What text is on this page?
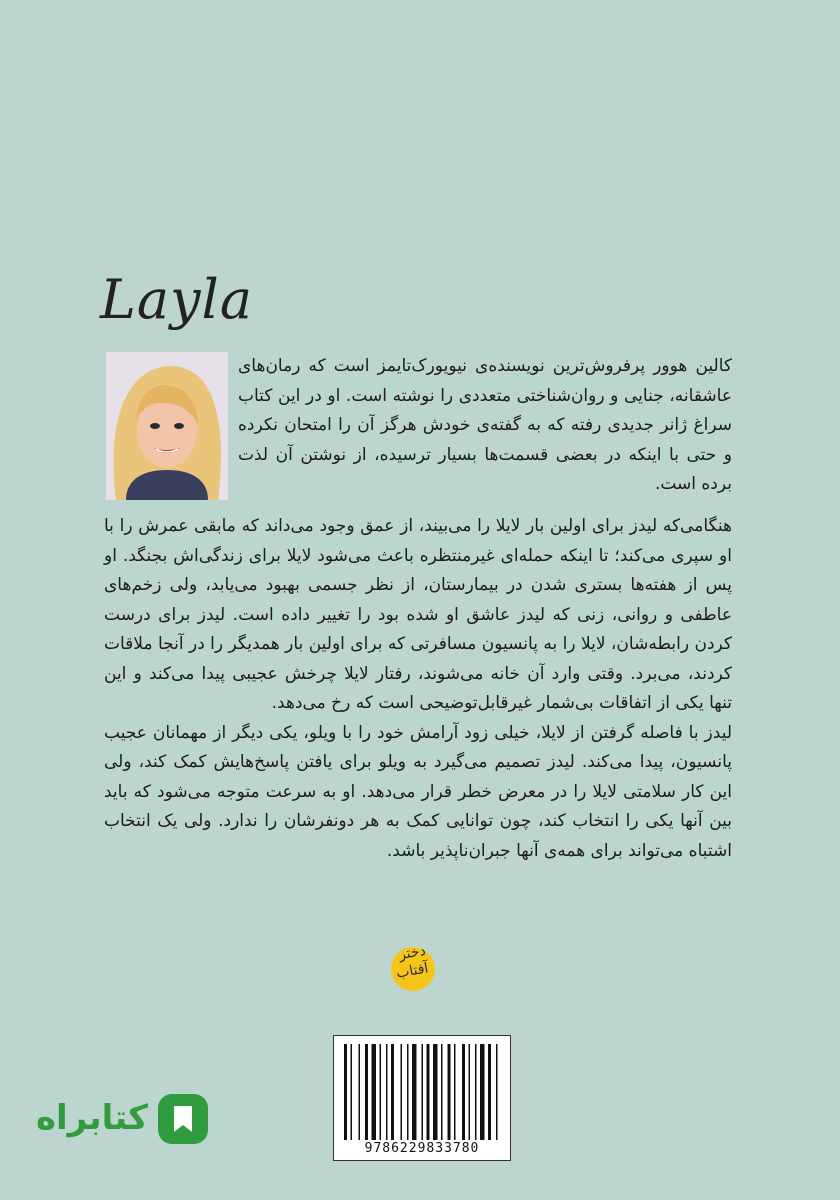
Layla
کالین هوور پرفروش‌ترین نویسنده‌ی نیویورک‌تایمز است که رمان‌های عاشقانه، جنایی و روان‌شناختی متعددی را نوشته است. او در این کتاب سراغ ژانر جدیدی رفته که به گفته‌ی خودش هرگز آن را امتحان نکرده و حتی با اینکه در بعضی قسمت‌ها بسیار ترسیده، از نوشتن آن لذت برده است.

هنگامی‌که لیدز برای اولین بار لایلا را می‌بیند، از عمق وجود می‌داند که مابقی عمرش را با او سپری می‌کند؛ تا اینکه حمله‌ای غیرمنتظره باعث می‌شود لایلا برای زندگی‌اش بجنگد. او پس از هفته‌ها بستری شدن در بیمارستان، از نظر جسمی بهبود می‌یابد، ولی زخم‌های عاطفی و روانی، زنی که لیدز عاشق او شده بود را تغییر داده است. لیدز برای درست کردن رابطه‌شان، لایلا را به پانسیون مسافرتی که برای اولین بار همدیگر را در آنجا ملاقات کردند، می‌برد. وقتی وارد آن خانه می‌شوند، رفتار لایلا چرخش عجیبی پیدا می‌کند و این تنها یکی از اتفاقات بی‌شمار غیرقابل‌توضیحی است که رخ می‌دهد.

لیدز با فاصله گرفتن از لایلا، خیلی زود آرامش خود را با ویلو، یکی دیگر از مهمانان عجیب پانسیون، پیدا می‌کند. لیدز تصمیم می‌گیرد به ویلو برای یافتن پاسخ‌هایش کمک کند، ولی این کار سلامتی لایلا را در معرض خطر قرار می‌دهد. او به سرعت متوجه می‌شود که باید بین آنها یکی را انتخاب کند، چون توانایی کمک به هر دونفرشان را ندارد. ولی یک انتخاب اشتباه می‌تواند برای همه‌ی آنها جبران‌ناپذیر باشد.

دختر
آفتاب
9786229833780
کتابراه
